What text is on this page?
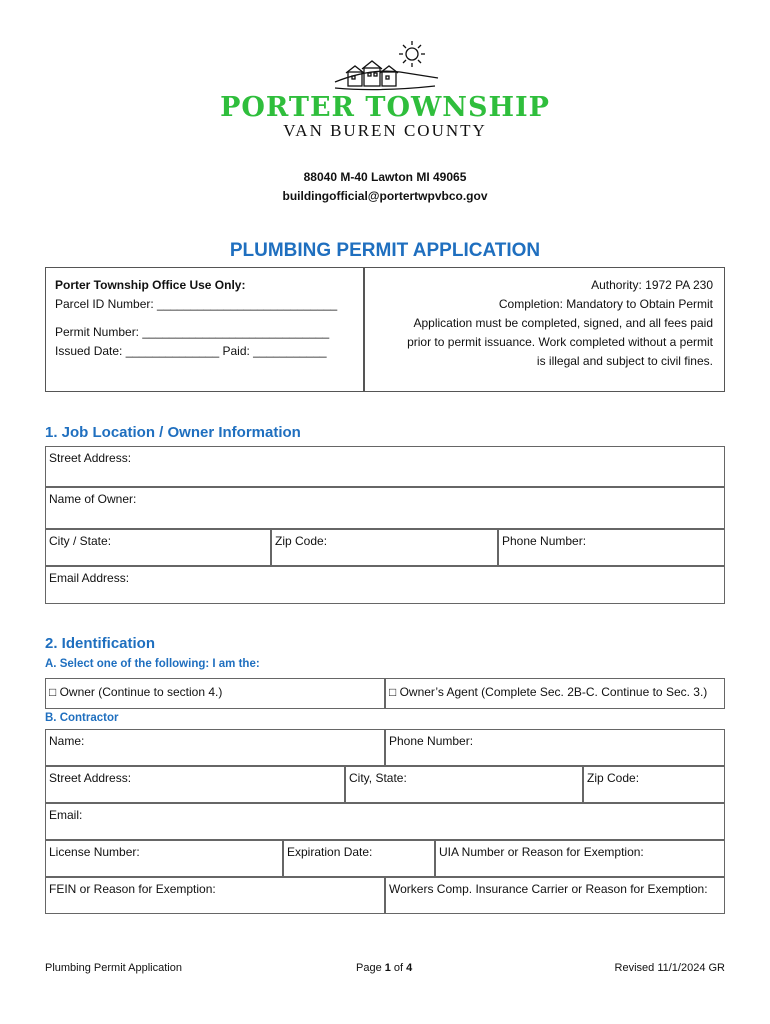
PORTER TOWNSHIP
VAN BUREN COUNTY
88040 M-40 Lawton MI 49065
buildingofficial@portertwpvbco.gov
PLUMBING PERMIT APPLICATION
Porter Township Office Use Only:
Parcel ID Number: ___________________________
Permit Number: ____________________________
Issued Date: ______________ Paid: ___________
Authority: 1972 PA 230
Completion: Mandatory to Obtain Permit
Application must be completed, signed, and all fees paid
prior to permit issuance. Work completed without a permit
is illegal and subject to civil fines.
1. Job Location / Owner Information
Street Address:
Name of Owner:
City / State:	Zip Code:	Phone Number:
Email Address:
2. Identification
A. Select one of the following: I am the:
□ Owner (Continue to section 4.)	□ Owner’s Agent (Complete Sec. 2B-C. Continue to Sec. 3.)
B. Contractor
Name:	Phone Number:
Street Address:	City, State:	Zip Code:
Email:
License Number:	Expiration Date:	UIA Number or Reason for Exemption:
FEIN or Reason for Exemption:	Workers Comp. Insurance Carrier or Reason for Exemption:
Plumbing Permit Application	Page 1 of 4	Revised 11/1/2024 GR
